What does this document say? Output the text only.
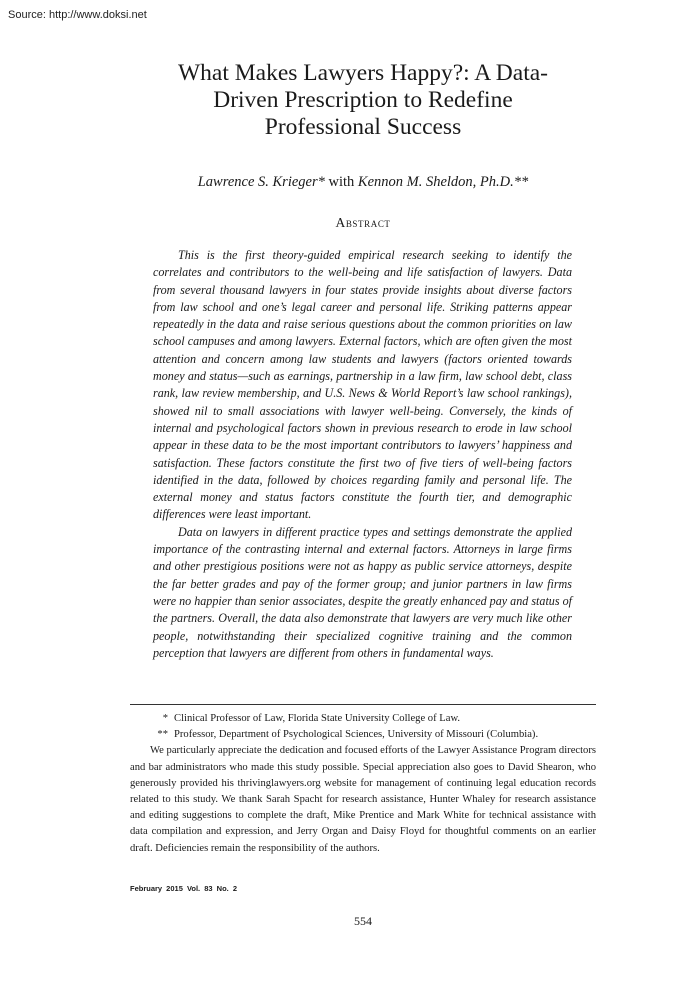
Source: http://www.doksi.net
What Makes Lawyers Happy?: A Data-
Driven Prescription to Redefine
Professional Success
Lawrence S. Krieger* with Kennon M. Sheldon, Ph.D.**
Abstract

This is the first theory-guided empirical research seeking to identify the correlates and contributors to the well-being and life satisfaction of lawyers. Data from several thousand lawyers in four states provide insights about diverse factors from law school and one’s legal career and personal life. Striking patterns appear repeatedly in the data and raise serious questions about the common priorities on law school campuses and among lawyers. External factors, which are often given the most attention and concern among law students and lawyers (factors oriented towards money and status—such as earnings, partnership in a law firm, law school debt, class rank, law review membership, and U.S. News & World Report’s law school rankings), showed nil to small associations with lawyer well-being. Conversely, the kinds of internal and psychological factors shown in previous research to erode in law school appear in these data to be the most important contributors to lawyers’ happiness and satisfaction. These factors constitute the first two of five tiers of well-being factors identified in the data, followed by choices regarding family and personal life. The external money and status factors constitute the fourth tier, and demographic differences were least important.

Data on lawyers in different practice types and settings demonstrate the applied importance of the contrasting internal and external factors. Attorneys in large firms and other prestigious positions were not as happy as public service attorneys, despite the far better grades and pay of the former group; and junior partners in law firms were no happier than senior associates, despite the greatly enhanced pay and status of the partners. Overall, the data also demonstrate that lawyers are very much like other people, notwithstanding their specialized cognitive training and the common perception that lawyers are different from others in fundamental ways.

* Clinical Professor of Law, Florida State University College of Law.

** Professor, Department of Psychological Sciences, University of Missouri (Columbia).

We particularly appreciate the dedication and focused efforts of the Lawyer Assistance Program directors and bar administrators who made this study possible. Special appreciation also goes to David Shearon, who generously provided his thrivinglawyers.org website for management of continuing legal education records related to this study. We thank Sarah Spacht for research assistance, Hunter Whaley for research assistance and editing suggestions to complete the draft, Mike Prentice and Mark White for technical assistance with data compilation and expression, and Jerry Organ and Daisy Floyd for thoughtful comments on an earlier draft. Deficiencies remain the responsibility of the authors.

February 2015 Vol. 83 No. 2
554
